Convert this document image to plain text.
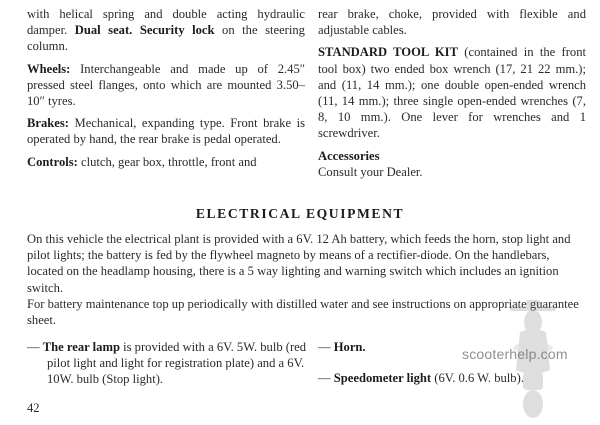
with helical spring and double acting hydraulic damper. Dual seat. Security lock on the steering column.

Wheels: Interchangeable and made up of 2.45″ pressed steel flanges, onto which are mounted 3.50–10″ tyres.

Brakes: Mechanical, expanding type. Front brake is operated by hand, the rear brake is pedal operated.

Controls: clutch, gear box, throttle, front and

rear brake, choke, provided with flexible and adjustable cables.

STANDARD TOOL KIT (contained in the front tool box) two ended box wrench (17, 21 22 mm.); and (11, 14 mm.); one double open-ended wrench (11, 14 mm.); three single open-ended wrenches (7, 8, 10 mm.). One lever for wrenches and 1 screwdriver.

Accessories

Consult your Dealer.

ELECTRICAL EQUIPMENT

On this vehicle the electrical plant is provided with a 6V. 12 Ah battery, which feeds the horn, stop light and pilot lights; the battery is fed by the flywheel magneto by means of a rectifier-diode. On the handlebars, located on the headlamp housing, there is a 5 way lighting and warning switch which includes an ignition switch.

For battery maintenance top up periodically with distilled water and see instructions on appropriate guarantee sheet.

— The rear lamp is provided with a 6V. 5W. bulb (red pilot light and light for registration plate) and a 6V. 10W. bulb (Stop light).
— Horn.
— Speedometer light (6V. 0.6 W. bulb).
scooterhelp.com
42
